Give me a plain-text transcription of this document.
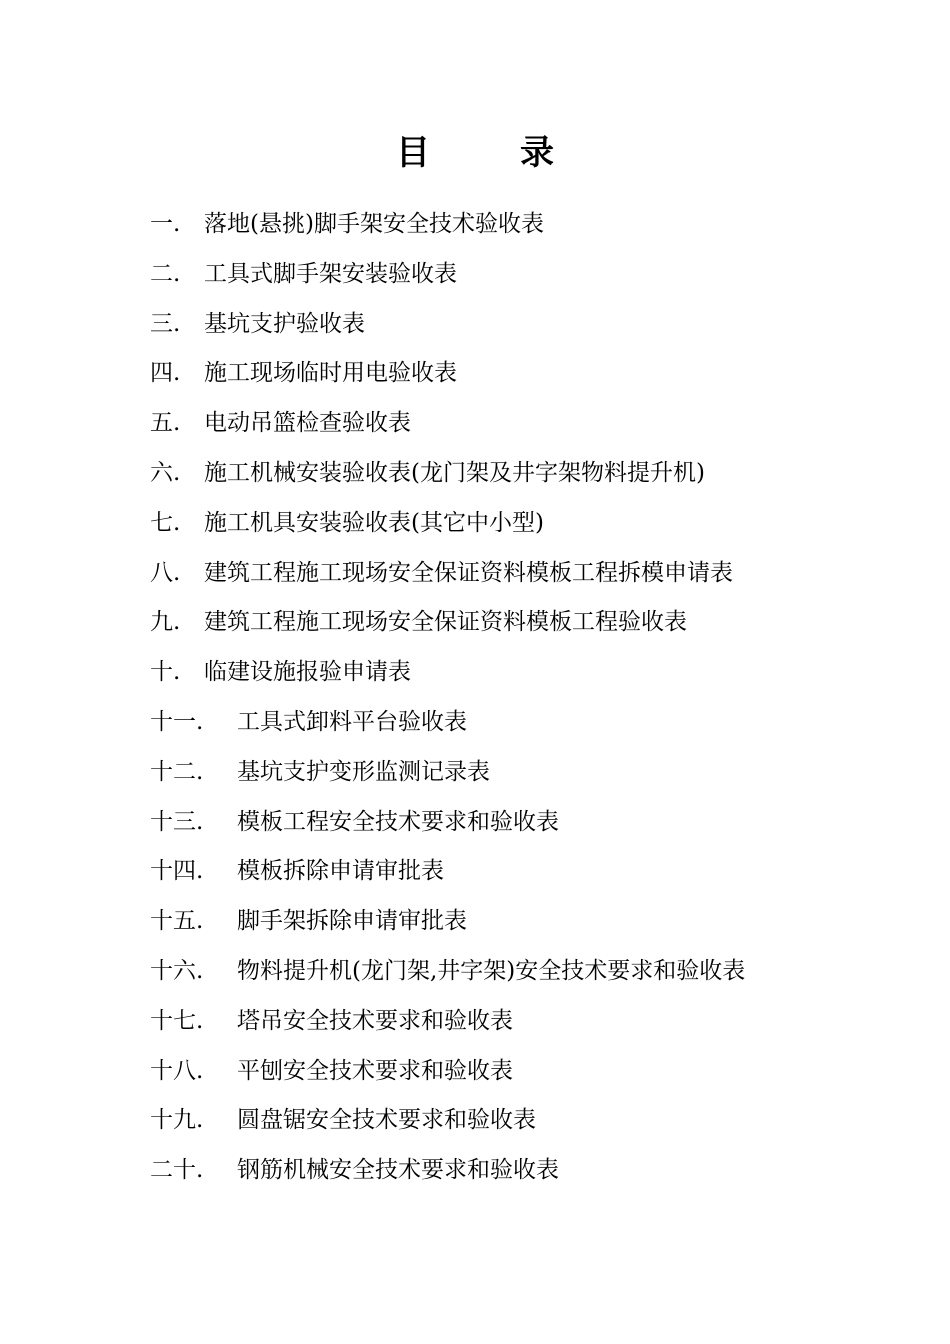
目	录
一.	落地(悬挑)脚手架安全技术验收表
二.	工具式脚手架安装验收表
三.	基坑支护验收表
四.	施工现场临时用电验收表
五.	电动吊篮检查验收表
六.	施工机械安装验收表(龙门架及井字架物料提升机)
七.	施工机具安装验收表(其它中小型)
八.	建筑工程施工现场安全保证资料模板工程拆模申请表
九.	建筑工程施工现场安全保证资料模板工程验收表
十.	临建设施报验申请表
十一.	工具式卸料平台验收表
十二.	基坑支护变形监测记录表
十三.	模板工程安全技术要求和验收表
十四.	模板拆除申请审批表
十五.	脚手架拆除申请审批表
十六.	物料提升机(龙门架,井字架)安全技术要求和验收表
十七.	塔吊安全技术要求和验收表
十八.	平刨安全技术要求和验收表
十九.	圆盘锯安全技术要求和验收表
二十.	钢筋机械安全技术要求和验收表
